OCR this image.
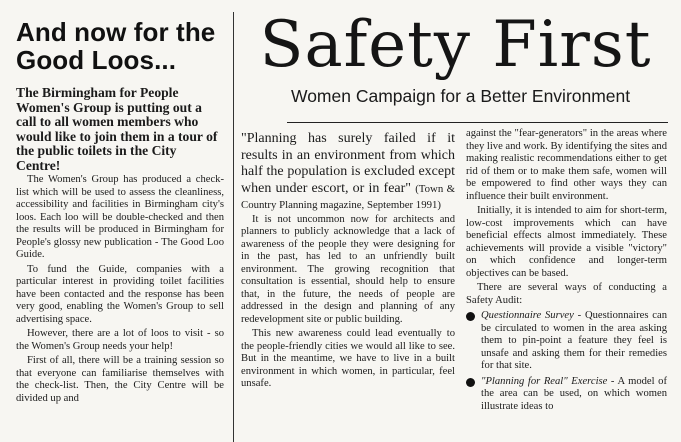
And now for the Good Loos...

The Birmingham for People Women's Group is putting out a call to all women members who would like to join them in a tour of the public toilets in the City Centre!

The Women's Group has produced a check-list which will be used to assess the cleanliness, accessibility and facilities in Birmingham city's loos. Each loo will be double-checked and then the results will be produced in Birmingham for People's glossy new publication - The Good Loo Guide.

To fund the Guide, companies with a particular interest in providing toilet facilities have been contacted and the response has been very good, enabling the Women's Group to sell advertising space.

However, there are a lot of loos to visit - so the Women's Group needs your help!

First of all, there will be a training session so that everyone can familiarise themselves with the check-list. Then, the City Centre will be divided up and

Safety First
Women Campaign for a Better Environment

"Planning has surely failed if it results in an environment from which half the population is excluded except when under escort, or in fear" (Town & Country Planning magazine, September 1991)

It is not uncommon now for architects and planners to publicly acknowledge that a lack of awareness of the people they were designing for in the past, has led to an unfriendly built environment. The growing recognition that consultation is essential, should help to ensure that, in the future, the needs of people are addressed in the design and planning of any redevelopment site or public building.

This new awareness could lead eventually to the people-friendly cities we would all like to see. But in the meantime, we have to live in a built environment in which women, in particular, feel unsafe.

against the "fear-generators" in the areas where they live and work. By identifying the sites and making realistic recommendations either to get rid of them or to make them safe, women will be empowered to find other ways they can influence their built environment.

Initially, it is intended to aim for short-term, low-cost improvements which can have beneficial effects almost immediately. These achievements will provide a visible "victory" on which confidence and longer-term objectives can be based.

There are several ways of conducting a Safety Audit:

Questionnaire Survey - Questionnaires can be circulated to women in the area asking them to pin-point a feature they feel is unsafe and asking them for their remedies for that site.
"Planning for Real" Exercise - A model of the area can be used, on which women illustrate ideas to
